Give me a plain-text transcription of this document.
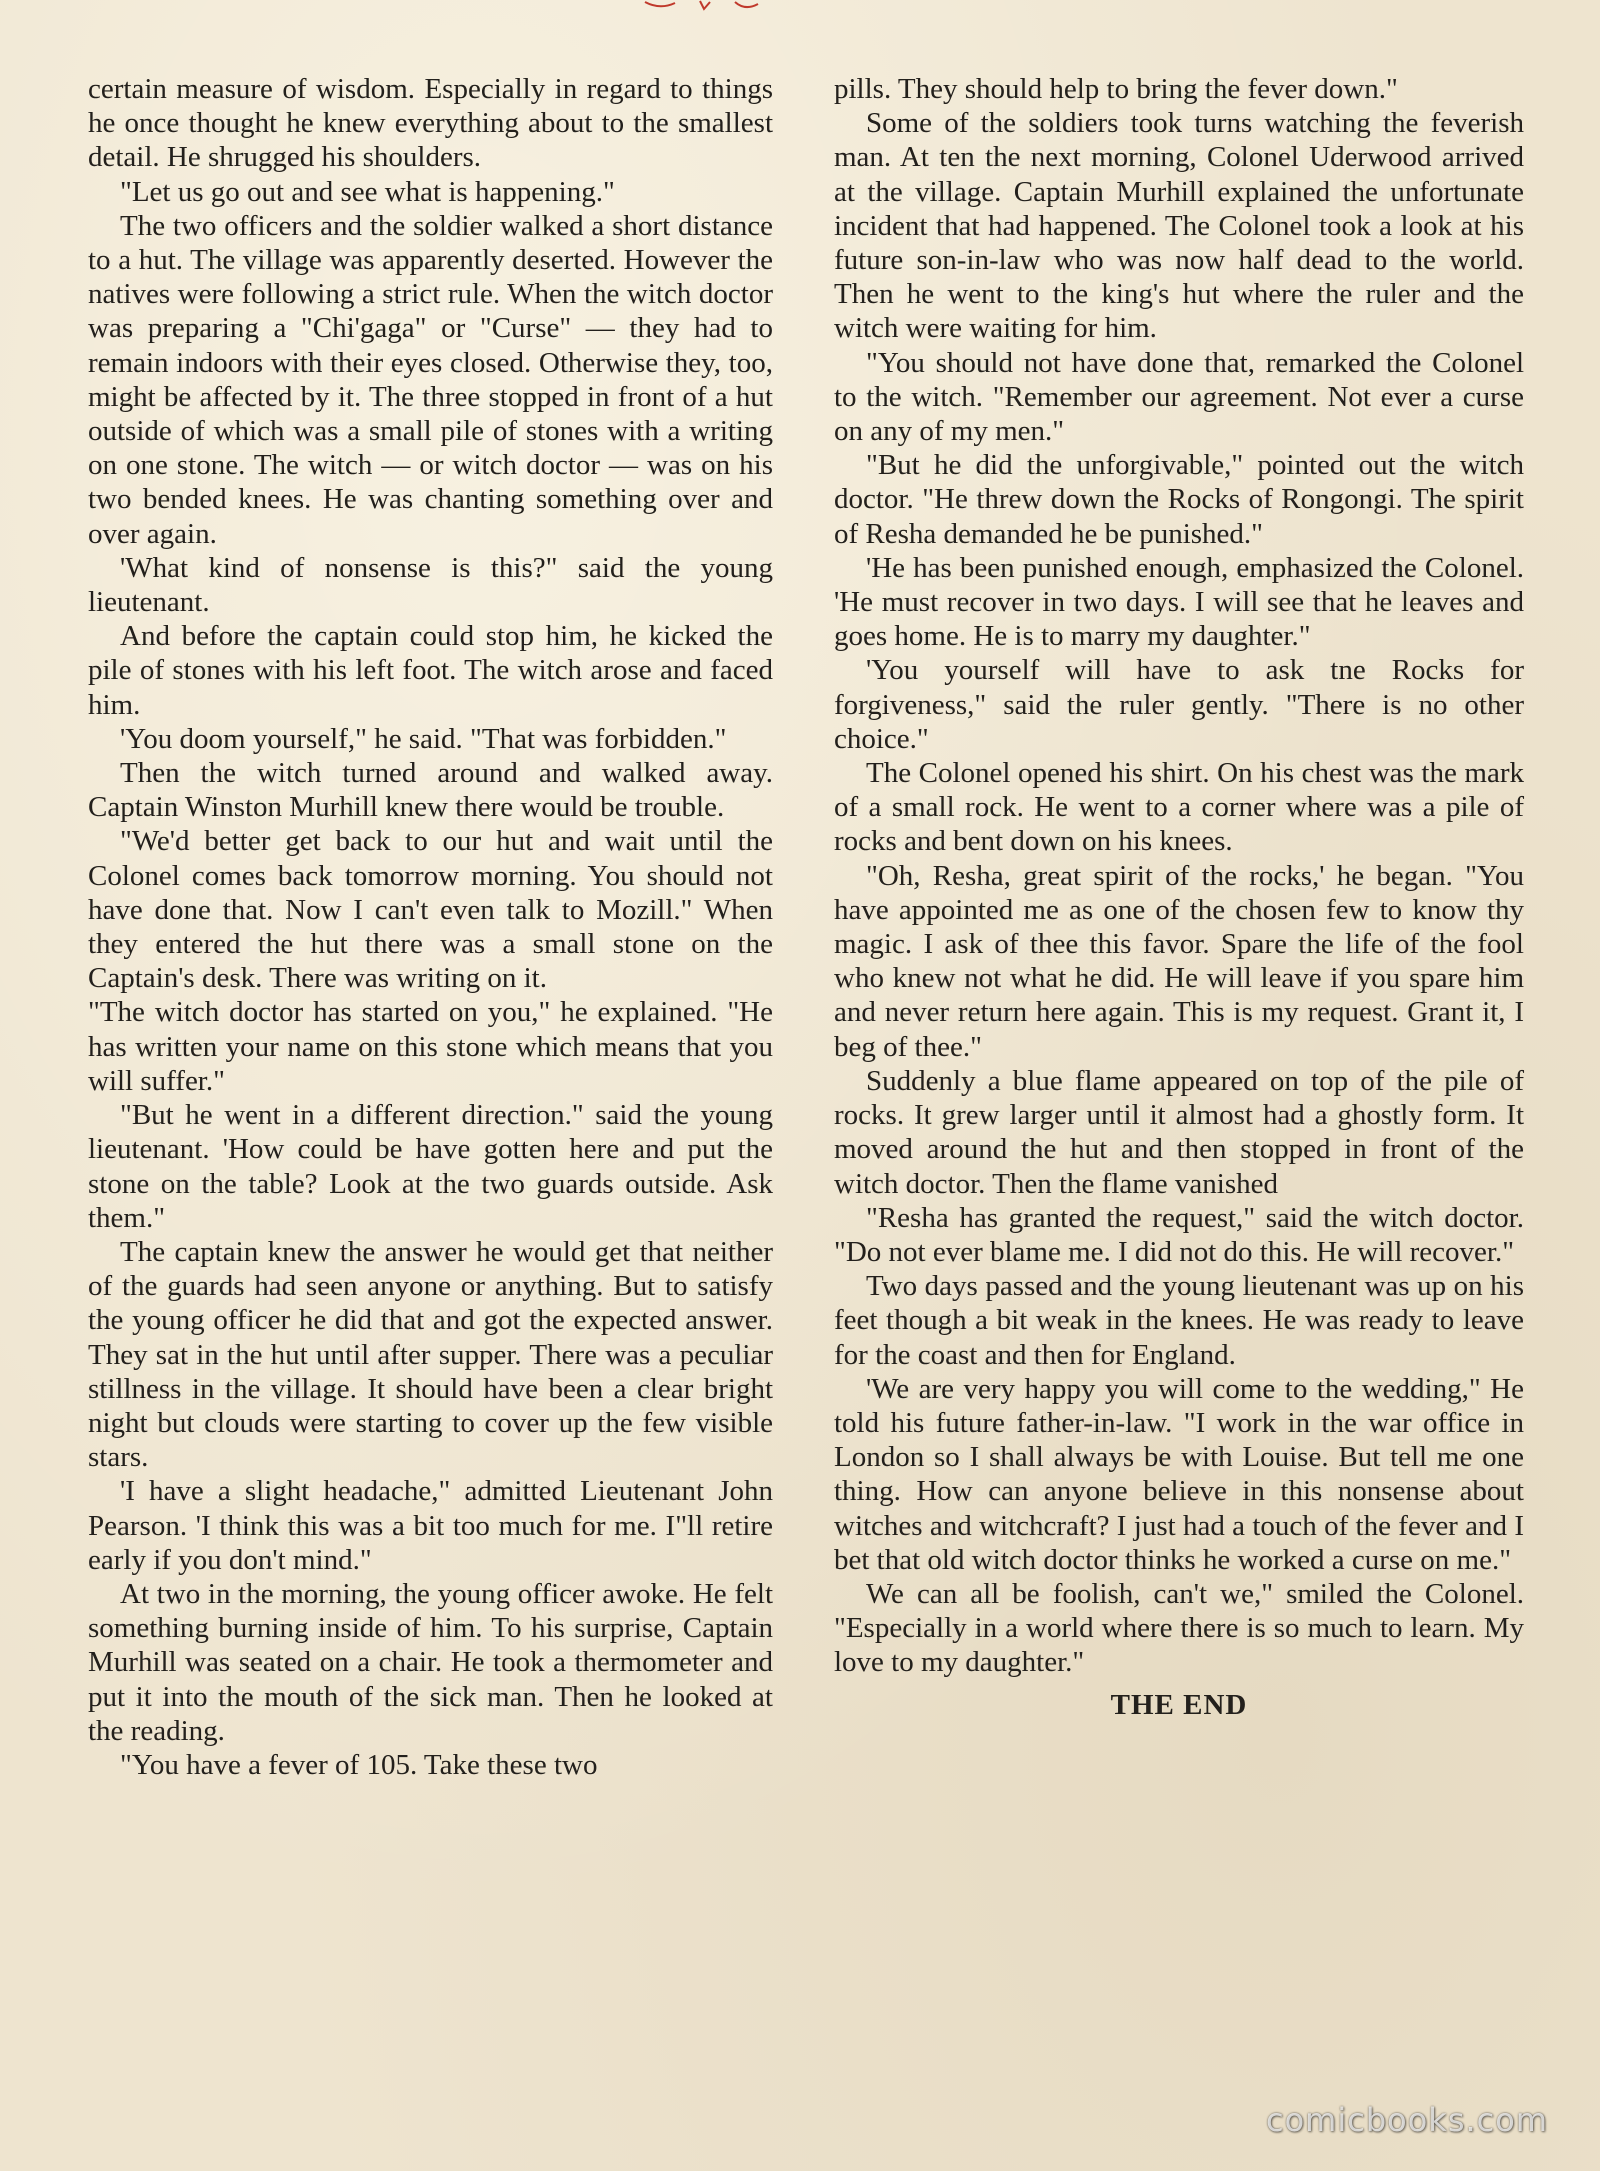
certain measure of wisdom. Especially in regard to things he once thought he knew everything about to the smallest detail. He shrugged his shoulders.

"Let us go out and see what is happening."

The two officers and the soldier walked a short distance to a hut. The village was apparently deserted. However the natives were following a strict rule. When the witch doctor was preparing a "Chi'gaga" or "Curse" — they had to remain indoors with their eyes closed. Otherwise they, too, might be affected by it. The three stopped in front of a hut outside of which was a small pile of stones with a writing on one stone. The witch — or witch doctor — was on his two bended knees. He was chanting something over and over again.

'What kind of nonsense is this?" said the young lieutenant.

And before the captain could stop him, he kicked the pile of stones with his left foot. The witch arose and faced him.

'You doom yourself," he said. "That was forbidden."

Then the witch turned around and walked away. Captain Winston Murhill knew there would be trouble.

"We'd better get back to our hut and wait until the Colonel comes back tomorrow morning. You should not have done that. Now I can't even talk to Mozill." When they entered the hut there was a small stone on the Captain's desk. There was writing on it.

"The witch doctor has started on you," he explained. "He has written your name on this stone which means that you will suffer."

"But he went in a different direction." said the young lieutenant. 'How could be have gotten here and put the stone on the table? Look at the two guards outside. Ask them."

The captain knew the answer he would get that neither of the guards had seen anyone or anything. But to satisfy the young officer he did that and got the expected answer. They sat in the hut until after supper. There was a peculiar stillness in the village. It should have been a clear bright night but clouds were starting to cover up the few visible stars.

'I have a slight headache," admitted Lieutenant John Pearson. 'I think this was a bit too much for me. I"ll retire early if you don't mind."

At two in the morning, the young officer awoke. He felt something burning inside of him. To his surprise, Captain Murhill was seated on a chair. He took a thermometer and put it into the mouth of the sick man. Then he looked at the reading.

"You have a fever of 105. Take these two

pills. They should help to bring the fever down."

Some of the soldiers took turns watching the feverish man. At ten the next morning, Colonel Uderwood arrived at the village. Captain Murhill explained the unfortunate incident that had happened. The Colonel took a look at his future son-in-law who was now half dead to the world. Then he went to the king's hut where the ruler and the witch were waiting for him.

"You should not have done that, remarked the Colonel to the witch. "Remember our agreement. Not ever a curse on any of my men."

"But he did the unforgivable," pointed out the witch doctor. "He threw down the Rocks of Rongongi. The spirit of Resha demanded he be punished."

'He has been punished enough, emphasized the Colonel. 'He must recover in two days. I will see that he leaves and goes home. He is to marry my daughter."

'You yourself will have to ask tne Rocks for forgiveness," said the ruler gently. "There is no other choice."

The Colonel opened his shirt. On his chest was the mark of a small rock. He went to a corner where was a pile of rocks and bent down on his knees.

"Oh, Resha, great spirit of the rocks,' he began. "You have appointed me as one of the chosen few to know thy magic. I ask of thee this favor. Spare the life of the fool who knew not what he did. He will leave if you spare him and never return here again. This is my request. Grant it, I beg of thee."

Suddenly a blue flame appeared on top of the pile of rocks. It grew larger until it almost had a ghostly form. It moved around the hut and then stopped in front of the witch doctor. Then the flame vanished

"Resha has granted the request," said the witch doctor. "Do not ever blame me. I did not do this. He will recover."

Two days passed and the young lieutenant was up on his feet though a bit weak in the knees. He was ready to leave for the coast and then for England.

'We are very happy you will come to the wedding," He told his future father-in-law. "I work in the war office in London so I shall always be with Louise. But tell me one thing. How can anyone believe in this nonsense about witches and witchcraft? I just had a touch of the fever and I bet that old witch doctor thinks he worked a curse on me."

We can all be foolish, can't we," smiled the Colonel. "Especially in a world where there is so much to learn. My love to my daughter."

THE END

comicbooks.com
